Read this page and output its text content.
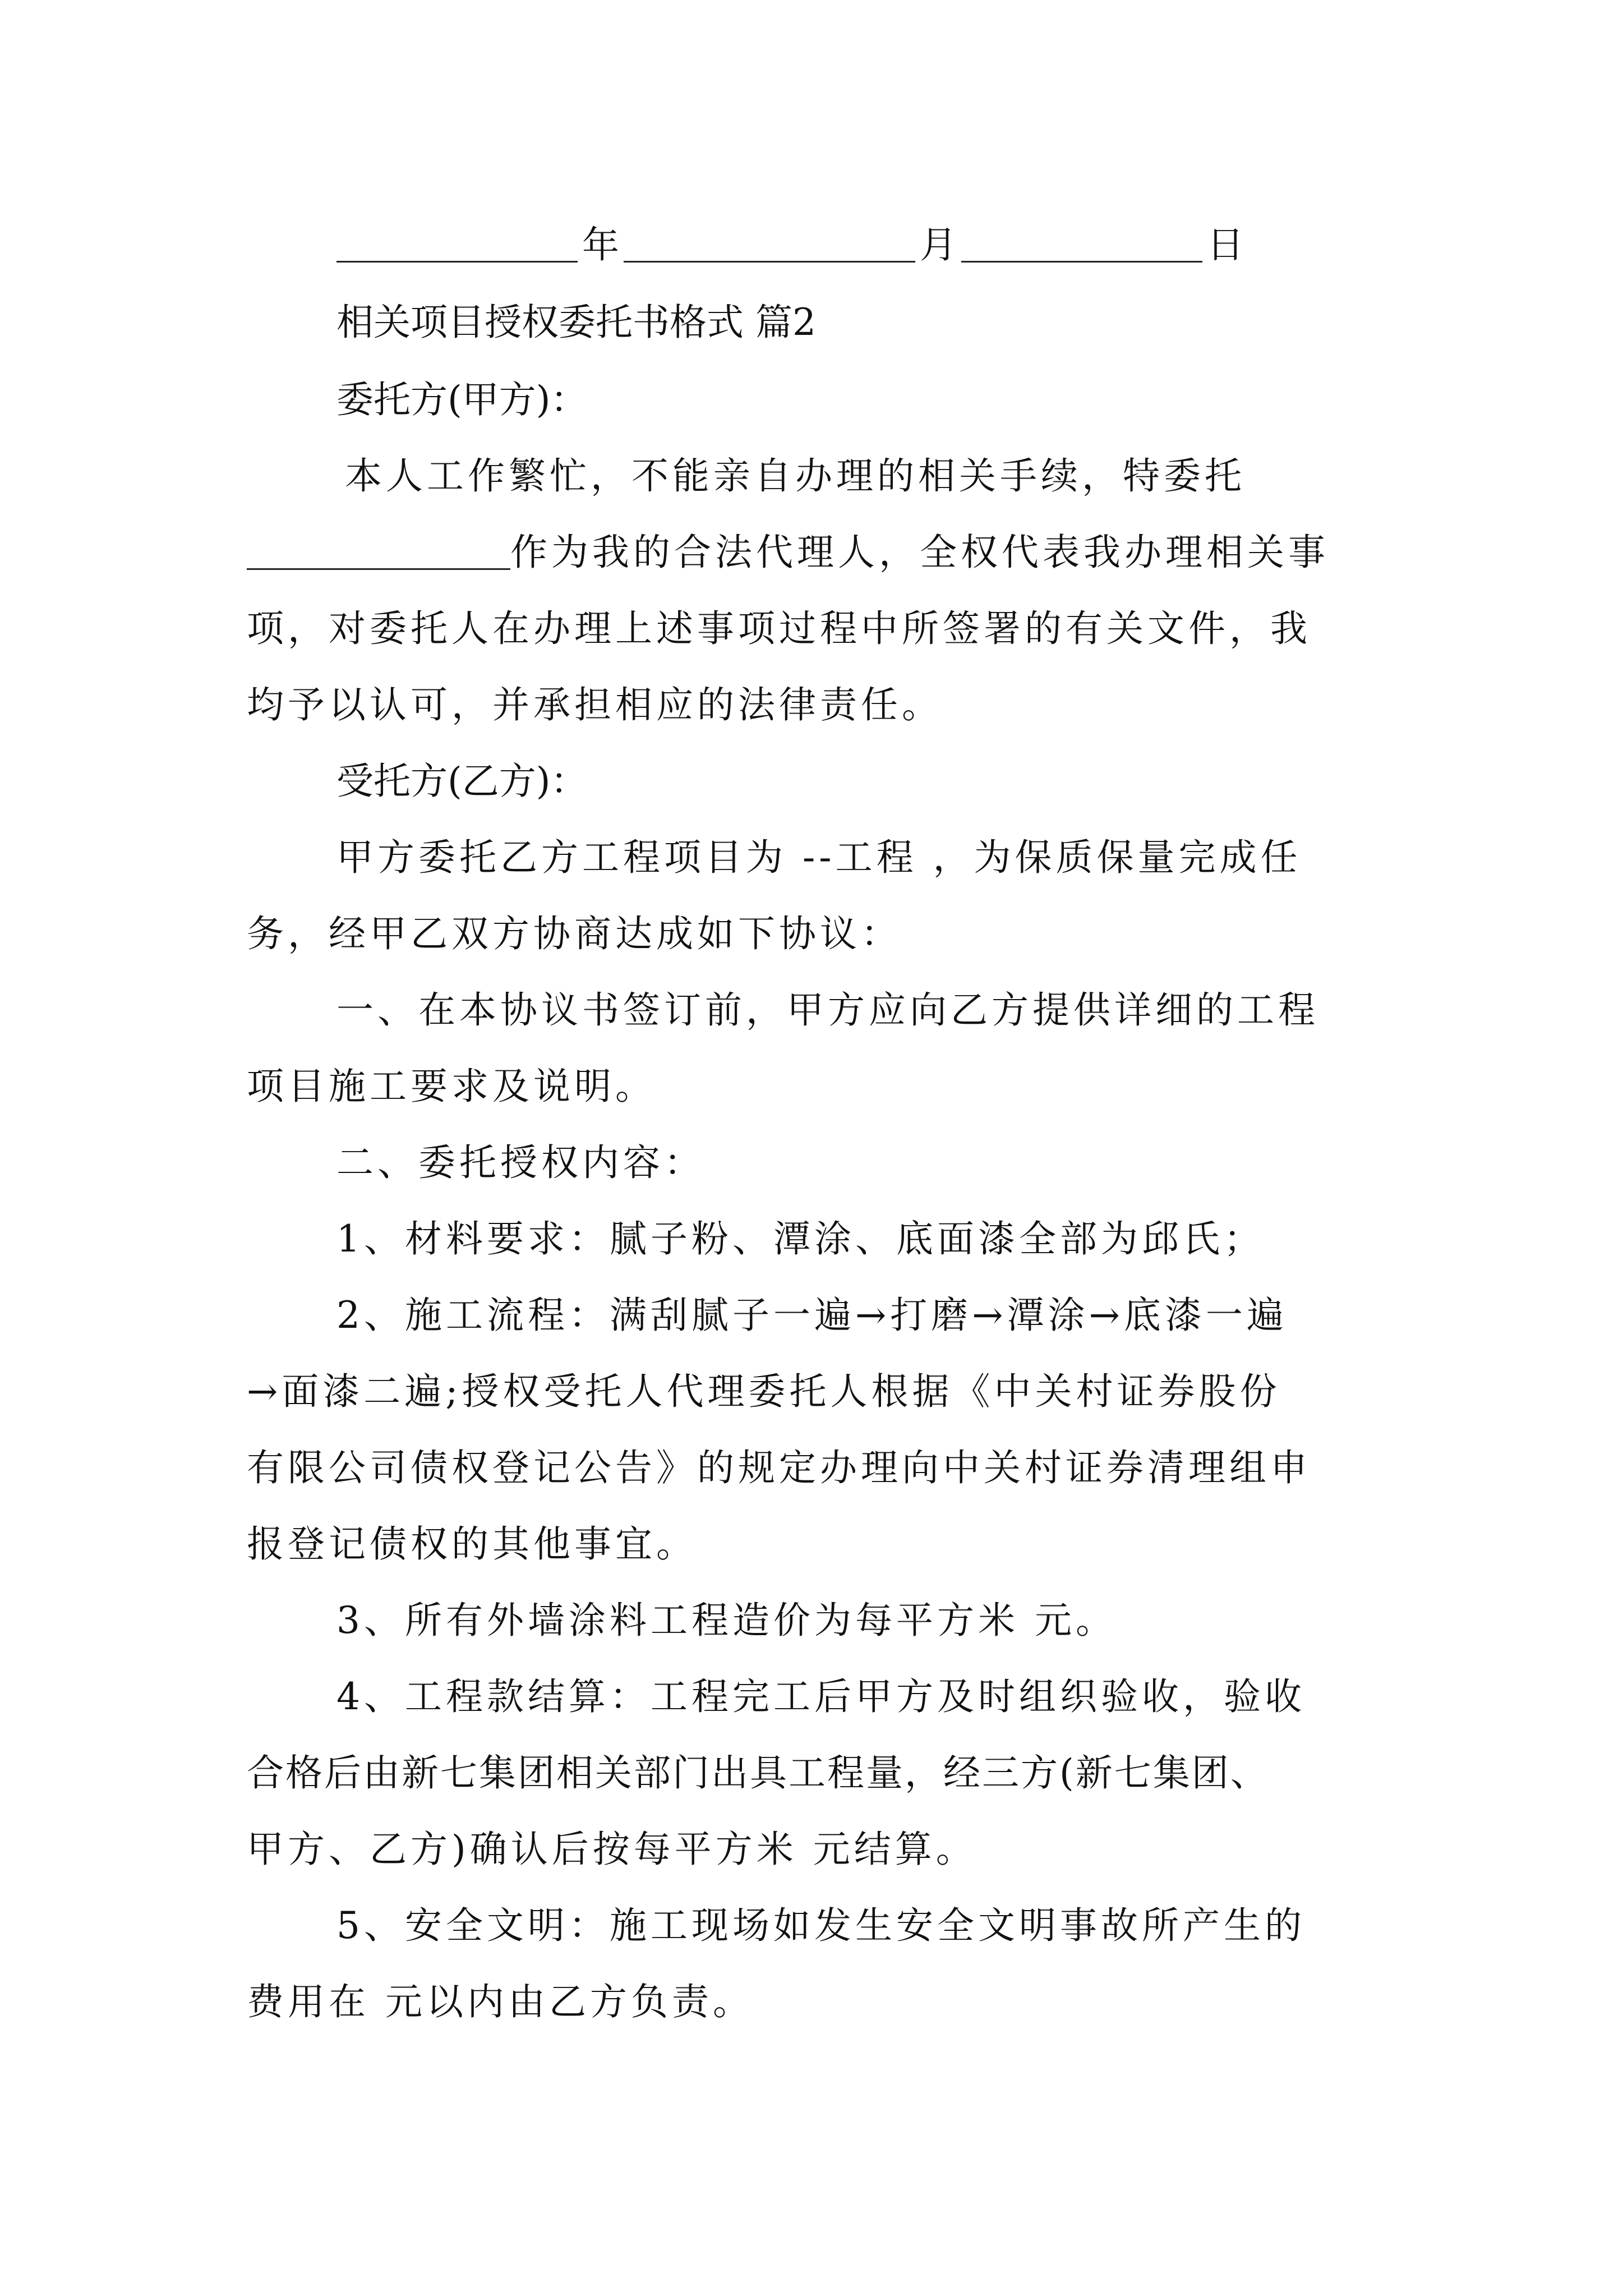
年	月	日
相关项目授权委托书格式 篇2
委托方(甲方)：
本人工作繁忙，不能亲自办理的相关手续，特委托
作为我的合法代理人，全权代表我办理相关事
项，对委托人在办理上述事项过程中所签署的有关文件，我
均予以认可，并承担相应的法律责任。
受托方(乙方)：
甲方委托乙方工程项目为 --工程 ，为保质保量完成任
务，经甲乙双方协商达成如下协议：
一、在本协议书签订前，甲方应向乙方提供详细的工程
项目施工要求及说明。
二、委托授权内容：
1、材料要求：腻子粉、潭涂、底面漆全部为邱氏；
2、施工流程：满刮腻子一遍→打磨→潭涂→底漆一遍
→面漆二遍;授权受托人代理委托人根据《中关村证券股份
有限公司债权登记公告》的规定办理向中关村证券清理组申
报登记债权的其他事宜。
3、所有外墙涂料工程造价为每平方米 元。
4、工程款结算：工程完工后甲方及时组织验收，验收
合格后由新七集团相关部门出具工程量，经三方(新七集团、
甲方、乙方)确认后按每平方米 元结算。
5、安全文明：施工现场如发生安全文明事故所产生的
费用在 元以内由乙方负责。
